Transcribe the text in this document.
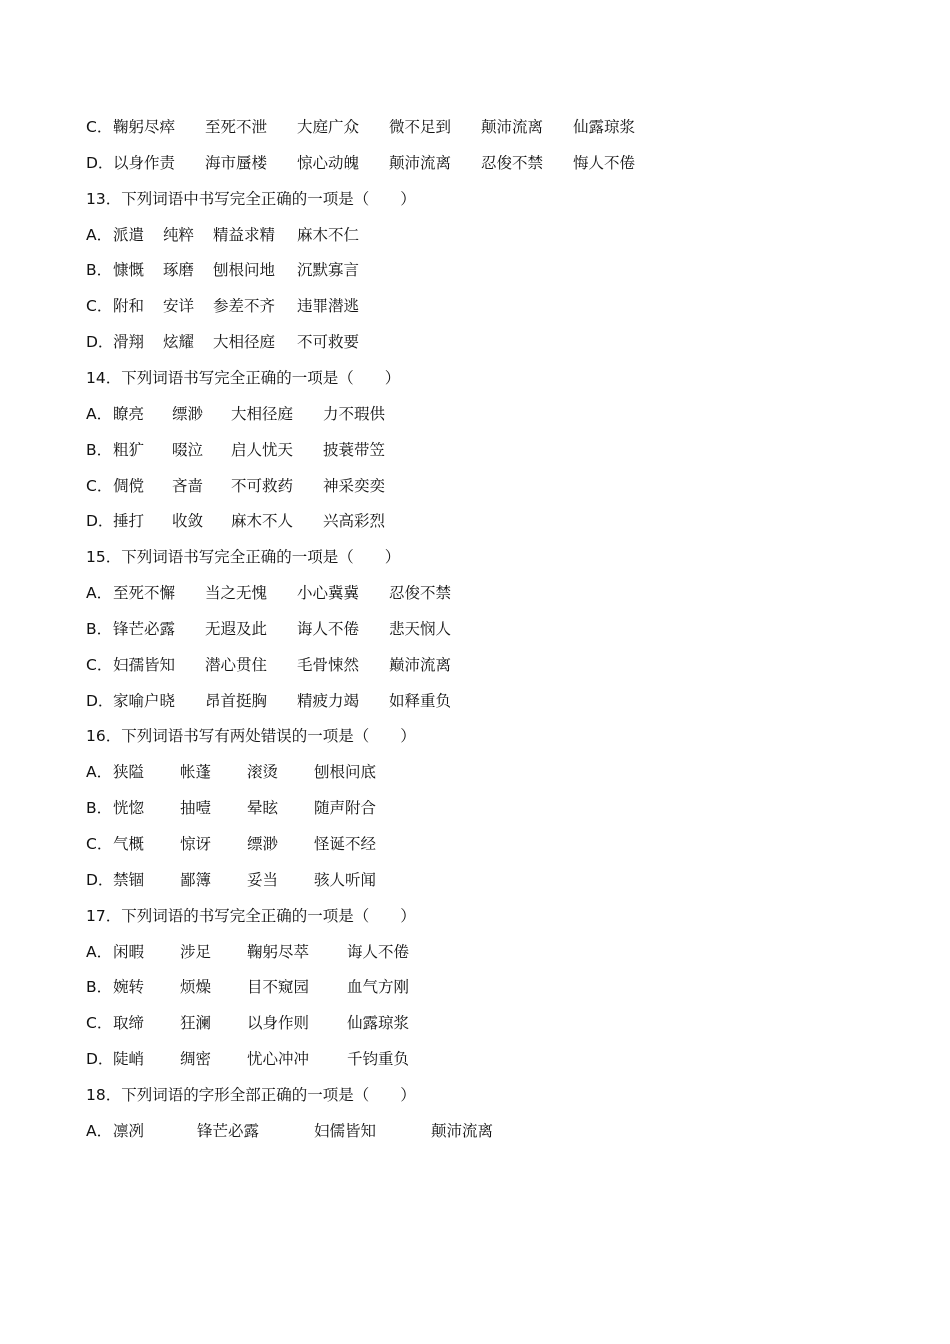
C． 鞠躬尽瘁 至死不泄 大庭广众 微不足到 颠沛流离 仙露琼浆
D． 以身作责 海市蜃楼 惊心动魄 颠沛流离 忍俊不禁 悔人不倦
13．下列词语中书写完全正确的一项是（　　）
A． 派遣 纯粹 精益求精 麻木不仁
B． 慷慨 琢磨 刨根问地 沉默寡言
C． 附和 安详 参差不齐 违罪潜逃
D． 滑翔 炫耀 大相径庭 不可救要
14．下列词语书写完全正确的一项是（　　）
A． 瞭亮 缥渺 大相径庭 力不瑕供
B． 粗犷 啜泣 启人忧天 披蓑带笠
C． 倜傥 吝啬 不可救药 神采奕奕
D． 捶打 收敛 麻木不人 兴高彩烈
15．下列词语书写完全正确的一项是（　　）
A． 至死不懈 当之无愧 小心冀冀 忍俊不禁
B． 锋芒必露 无遐及此 诲人不倦 悲天悯人
C． 妇孺皆知 潜心贯住 毛骨悚然 巅沛流离
D． 家喻户晓 昂首挺胸 精疲力竭 如释重负
16．下列词语书写有两处错误的一项是（　　）
A． 狭隘 帐蓬 滚烫 刨根问底
B． 恍惚 抽噎 晕眩 随声附合
C． 气概 惊讶 缥渺 怪诞不经
D． 禁锢 鄙簿 妥当 骇人听闻
17．下列词语的书写完全正确的一项是（　　）
A． 闲暇 涉足 鞠躬尽萃 诲人不倦
B． 婉转 烦燥 目不窥园 血气方刚
C． 取缔 狂澜 以身作则 仙露琼浆
D． 陡峭 绸密 忧心冲冲 千钧重负
18．下列词语的字形全部正确的一项是（　　）
A． 凛冽	锋芒必露	妇儒皆知	颠沛流离
